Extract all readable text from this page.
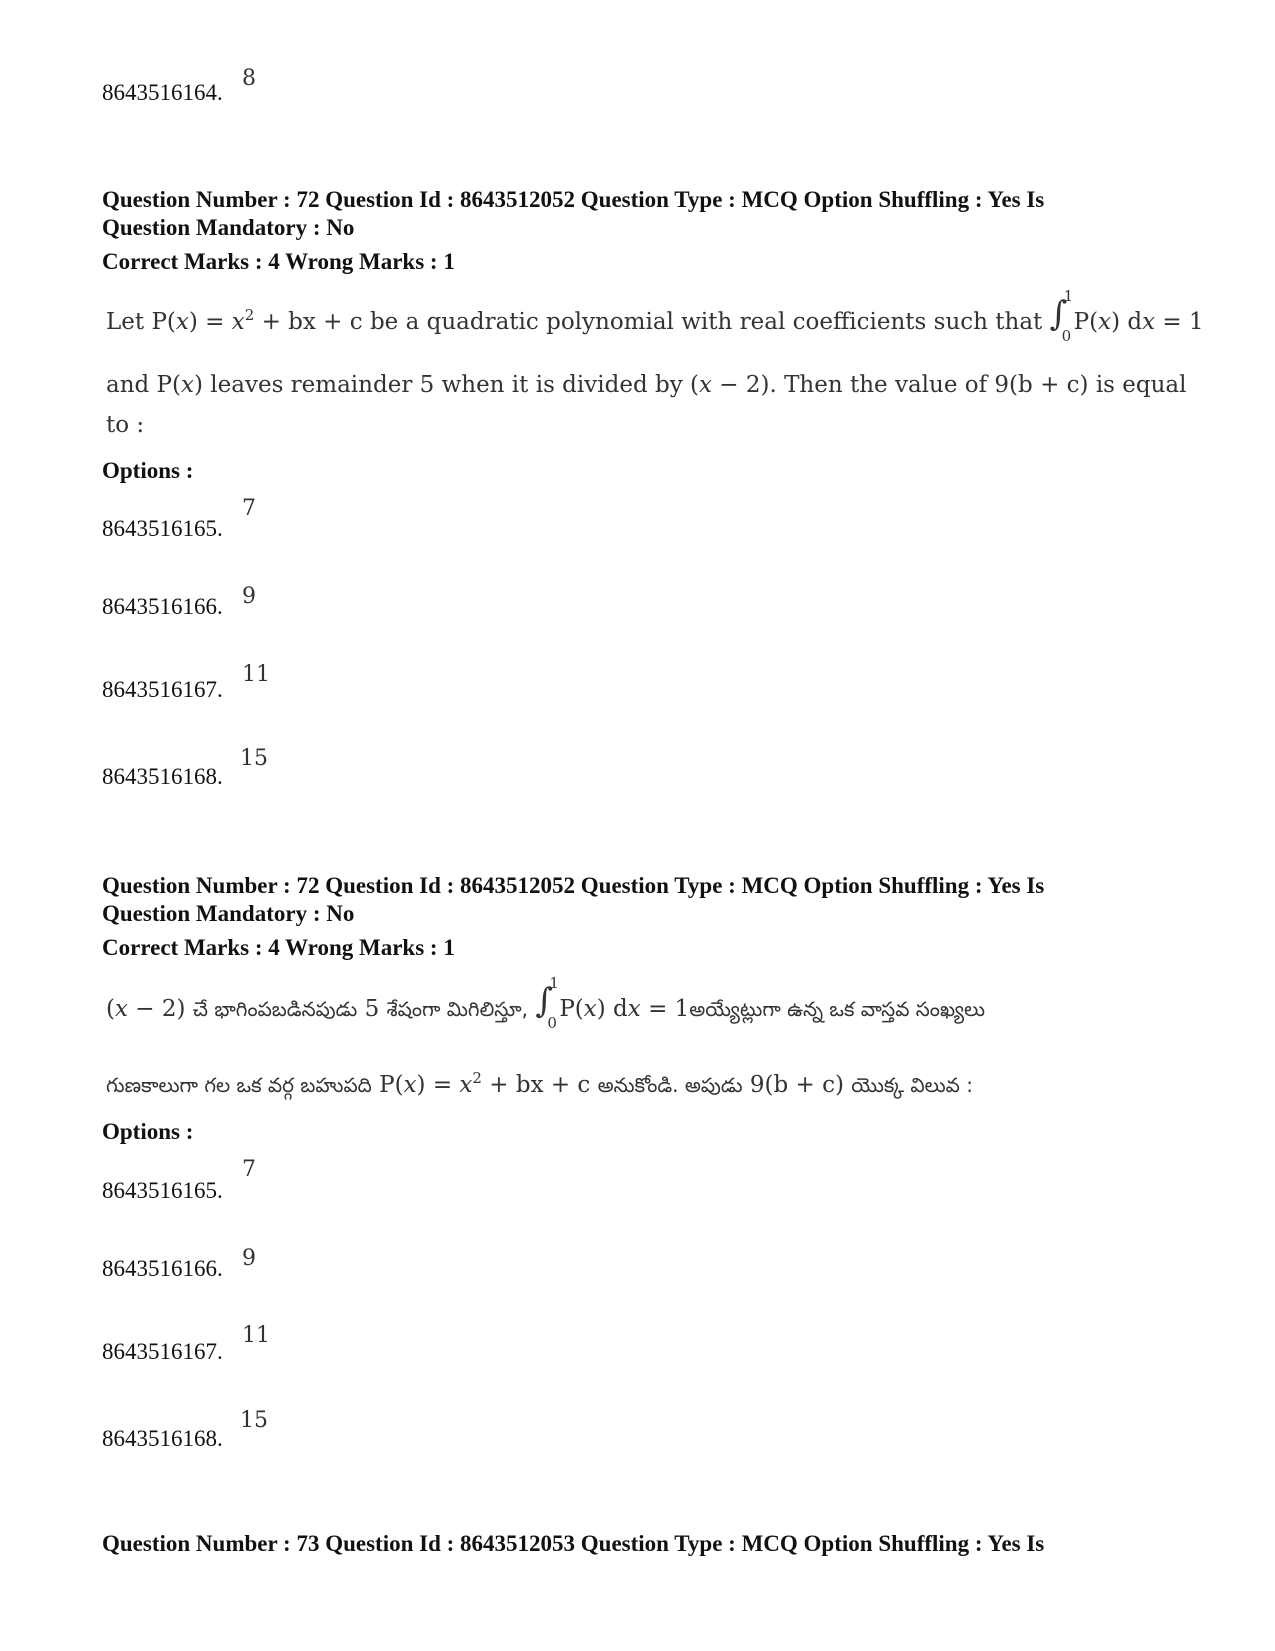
8643516164.
8
Question Number : 72 Question Id : 8643512052 Question Type : MCQ Option Shuffling : Yes Is
Question Mandatory : No
Correct Marks : 4 Wrong Marks : 1
Let $P(x) = x^2$ + bx + c be a quadratic polynomial with real coefficients such that ∫
1
0
P(x) dx = 1
and P(x) leaves remainder 5 when it is divided by (x − 2). Then the value of 9(b + c) is equal
to :
Options :
8643516165.
7
8643516166. 9
8643516167.
11
8643516168.
15
Question Number : 72 Question Id : 8643512052 Question Type : MCQ Option Shuffling : Yes Is
Question Mandatory : No
Correct Marks : 4 Wrong Marks : 1
(x − 2) చే భాగింపబడినపుడు 5 శేషంగా మిగిలిస్తూ, ∫
1
0
P(x) dx = 1అయ్యేట్లుగా ఉన్న ఒక వాస్తవ సంఖ్యలు
గుణకాలుగా గల ఒక వర్గ బహుపది $P(x) = x^2$ + bx + c అనుకోండి. అపుడు 9(b + c) యొక్క విలువ :
Options :
8643516165.
7
8643516166. 9
8643516167.
11
8643516168.
15
Question Number : 73 Question Id : 8643512053 Question Type : MCQ Option Shuffling : Yes Is
